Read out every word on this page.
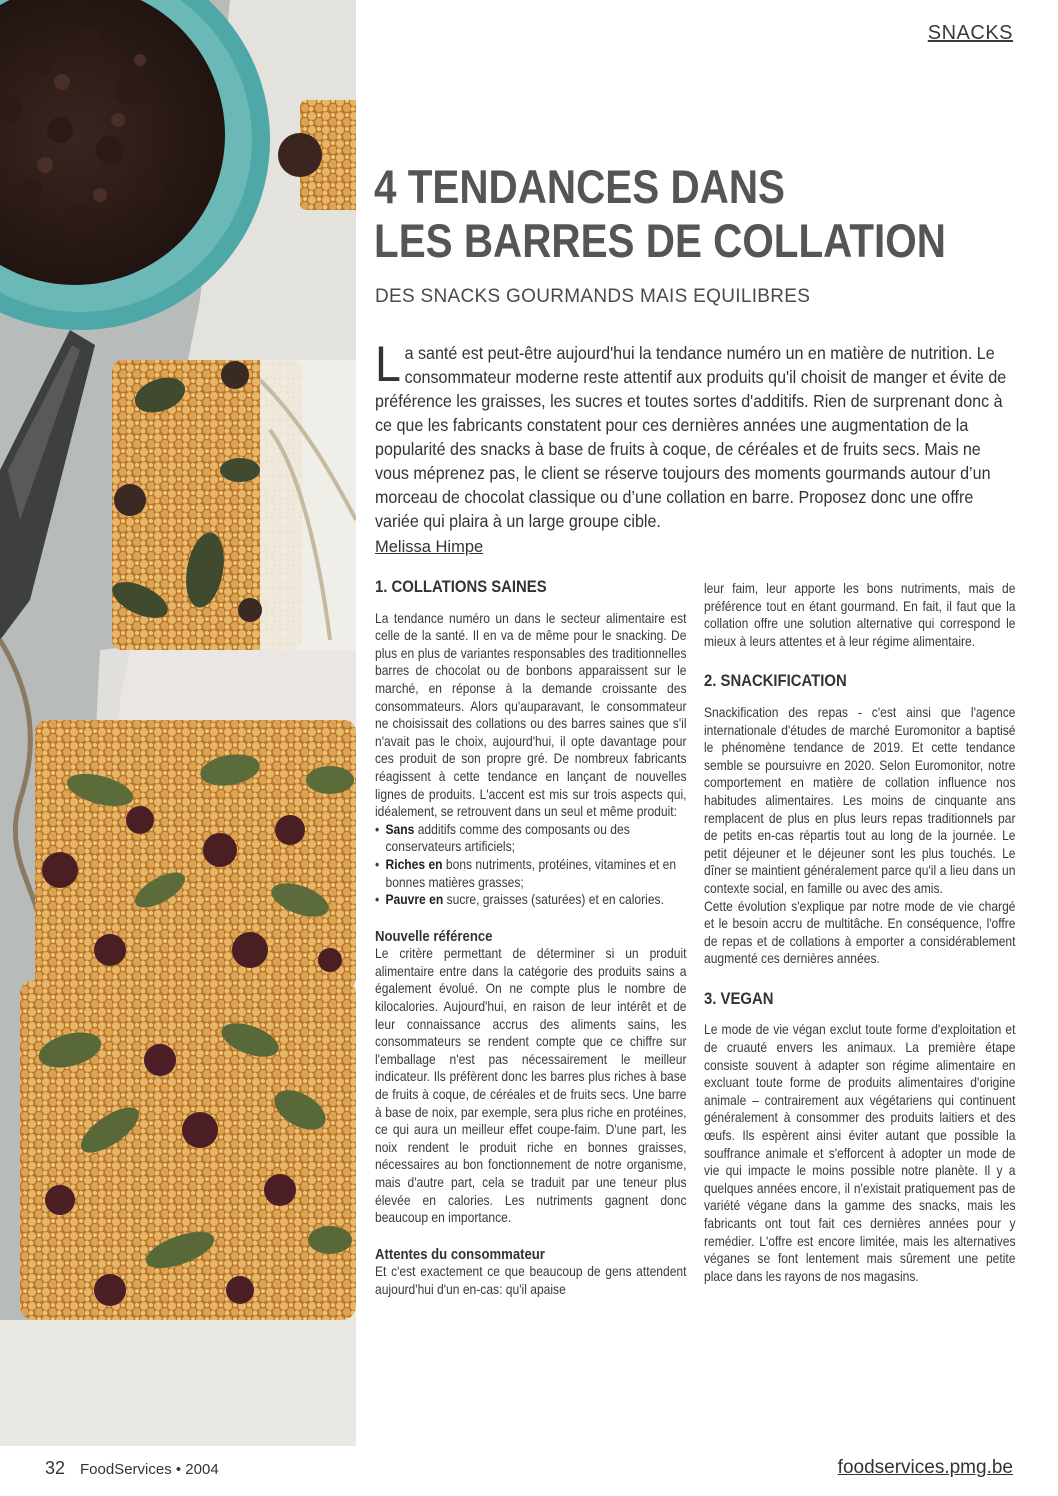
SNACKS
4 TENDANCES DANS
LES BARRES DE COLLATION
DES SNACKS GOURMANDS MAIS EQUILIBRES

La santé est peut-être aujourd'hui la tendance numéro un en matière de nutrition. Le consommateur moderne reste attentif aux produits qu'il choisit de manger et évite de préférence les graisses, les sucres et toutes sortes d'additifs. Rien de surprenant donc à ce que les fabricants constatent pour ces dernières années une augmentation de la popularité des snacks à base de fruits à coque, de céréales et de fruits secs. Mais ne vous méprenez pas, le client se réserve toujours des moments gourmands autour d’un morceau de chocolat classique ou d’une collation en barre. Proposez donc une offre variée qui plaira à un large groupe cible.

Melissa Himpe
1. COLLATIONS SAINES

La tendance numéro un dans le secteur alimentaire est celle de la santé. Il en va de même pour le snacking. De plus en plus de variantes responsables des traditionnelles barres de chocolat ou de bonbons apparaissent sur le marché, en réponse à la demande croissante des consommateurs. Alors qu'auparavant, le consommateur ne choisissait des collations ou des barres saines que s'il n'avait pas le choix, aujourd'hui, il opte davantage pour ces produit de son propre gré. De nombreux fabricants réagissent à cette tendance en lançant de nouvelles lignes de produits. L'accent est mis sur trois aspects qui, idéalement, se retrouvent dans un seul et même produit:

• Sans additifs comme des composants ou des conservateurs artificiels;
• Riches en bons nutriments, protéines, vitamines et en bonnes matières grasses;
• Pauvre en sucre, graisses (saturées) et en calories.
Nouvelle référence

Le critère permettant de déterminer si un produit alimentaire entre dans la catégorie des produits sains a également évolué. On ne compte plus le nombre de kilocalories. Aujourd'hui, en raison de leur intérêt et de leur connaissance accrus des aliments sains, les consommateurs se rendent compte que ce chiffre sur l'emballage n'est pas nécessairement le meilleur indicateur. Ils préfèrent donc les barres plus riches à base de fruits à coque, de céréales et de fruits secs. Une barre à base de noix, par exemple, sera plus riche en protéines, ce qui aura un meilleur effet coupe-faim. D'une part, les noix rendent le produit riche en bonnes graisses, nécessaires au bon fonctionnement de notre organisme, mais d'autre part, cela se traduit par une teneur plus élevée en calories. Les nutriments gagnent donc beaucoup en importance.

Attentes du consommateur

Et c'est exactement ce que beaucoup de gens attendent aujourd'hui d'un en-cas: qu'il apaise

leur faim, leur apporte les bons nutriments, mais de préférence tout en étant gourmand. En fait, il faut que la collation offre une solution alternative qui correspond le mieux à leurs attentes et à leur régime alimentaire.

2. SNACKIFICATION

Snackification des repas - c'est ainsi que l'agence internationale d'études de marché Euromonitor a baptisé le phénomène tendance de 2019. Et cette tendance semble se poursuivre en 2020. Selon Euromonitor, notre comportement en matière de collation influence nos habitudes alimentaires. Les moins de cinquante ans remplacent de plus en plus leurs repas traditionnels par de petits en-cas répartis tout au long de la journée. Le petit déjeuner et le déjeuner sont les plus touchés. Le dîner se maintient généralement parce qu'il a lieu dans un contexte social, en famille ou avec des amis.

Cette évolution s'explique par notre mode de vie chargé et le besoin accru de multitâche. En conséquence, l'offre de repas et de collations à emporter a considérablement augmenté ces dernières années.

3. VEGAN

Le mode de vie végan exclut toute forme d'exploitation et de cruauté envers les animaux. La première étape consiste souvent à adapter son régime alimentaire en excluant toute forme de produits alimentaires d'origine animale – contrairement aux végétariens qui continuent généralement à consommer des produits laitiers et des œufs. Ils espèrent ainsi éviter autant que possible la souffrance animale et s'efforcent à adopter un mode de vie qui impacte le moins possible notre planète. Il y a quelques années encore, il n'existait pratiquement pas de variété végane dans la gamme des snacks, mais les fabricants ont tout fait ces dernières années pour y remédier. L'offre est encore limitée, mais les alternatives véganes se font lentement mais sûrement une petite place dans les rayons de nos magasins.

32 FoodServices • 2004	foodservices.pmg.be
